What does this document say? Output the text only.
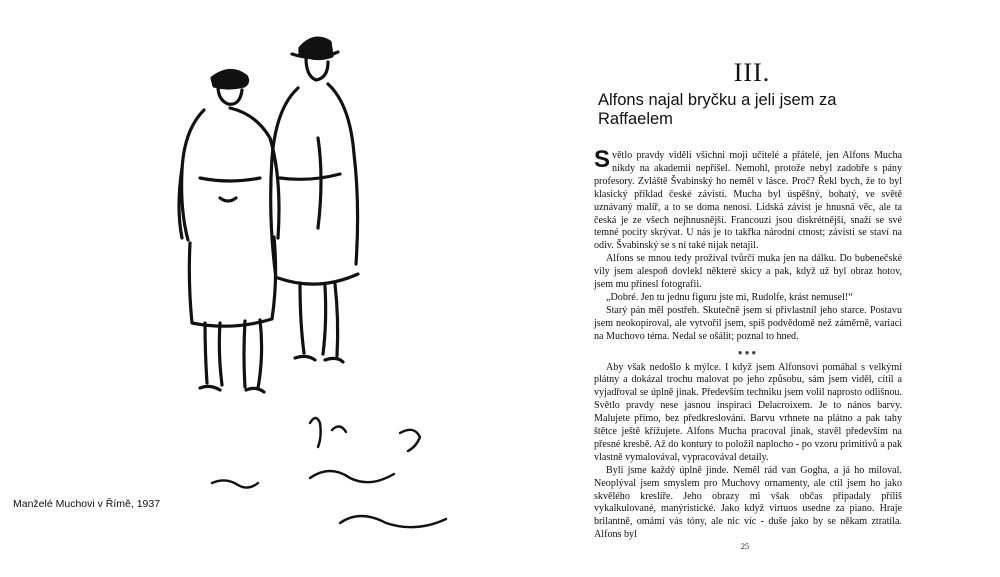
Manželé Muchovi v Římě, 1937
III.
Alfons najal bryčku a jeli jsem za Raffaelem

Světlo pravdy viděli všichni moji učitelé a přátelé, jen Alfons Mucha nikdy na akademii nepříšel. Nemohl, protože nebyl zadobře s pány profesory. Zvláště Švabinský ho neměl v lásce. Proč? Řekl bych, že to byl klasický příklad české závisti. Mucha byl úspěšný, bohatý, ve světě uznávaný malíř, a to se doma nenosí. Lidská závist je hnusná věc, ale ta česká je ze všech nejhnusnější. Francouzi jsou diskrétnější, snaží se své temné pocity skrývat. U nás je to takřka národní ctnost; závisti se staví na odiv. Švabinský se s ní také nijak netajil.

Alfons se mnou tedy prožíval tvůrčí muka jen na dálku. Do bubenečské vily jsem alespoň dovlekl některé skicy a pak, když už byl obraz hotov, jsem mu přinesl fotografii.

„Dobré. Jen tu jednu figuru jste mi, Rudolfe, krást nemusel!“

Starý pán měl postřeh. Skutečně jsem si přivlastnil jeho starce. Postavu jsem neokopíroval, ale vytvořil jsem, spíš podvědomě než záměrně, variaci na Muchovo téma. Nedal se ošálit; poznal to hned.

●●●

Aby však nedošlo k mýlce. I když jsem Alfonsovi pomáhal s velkými plátny a dokázal trochu malovat po jeho způsobu, sám jsem viděl, cítil a vyjadřoval se úplně jinak. Především techniku jsem volil naprosto odlišnou. Světlo pravdy nese jasnou inspiraci Delacroixem. Je to nános barvy. Malujete přímo, bez předkreslování. Barvu vrhnete na plátno a pak tahy štětce ještě křížujete. Alfons Mucha pracoval jinak, stavěl především na přesné kresbě. Až do kontury to položil naplocho - po vzoru primitivů a pak vlastně vymalovával, vypracovával detaily.

Byli jsme každý úplně jinde. Neměl rád van Gogha, a já ho miloval. Neoplýval jsem smyslem pro Muchovy ornamenty, ale ctil jsem ho jako skvělého kreslíře. Jeho obrazy mi však občas připadaly příliš vykalkulované, manýristické. Jako když virtuos usedne za piano. Hraje brilantně, omámí vás tóny, ale nic víc - duše jako by se někam ztratila. Alfons byl

25
